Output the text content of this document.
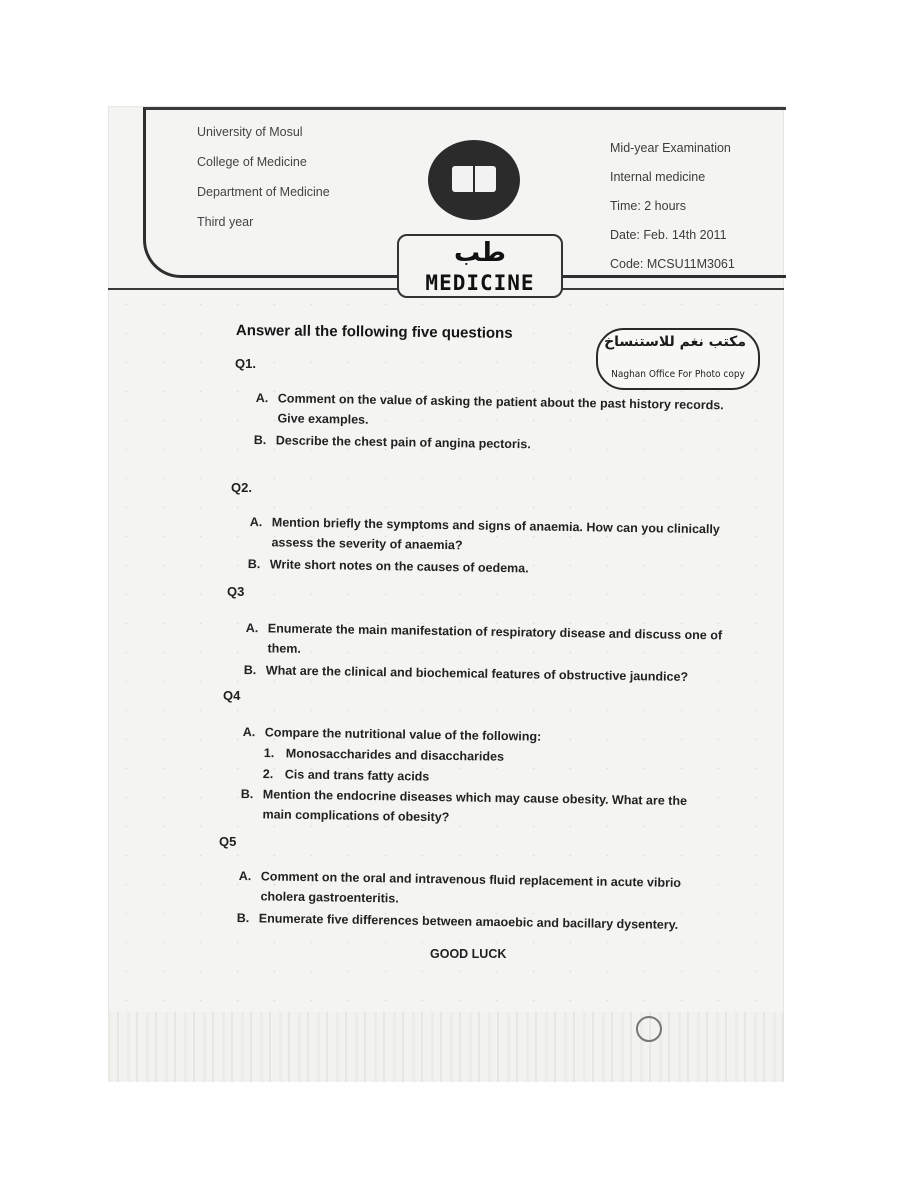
University of Mosul
College of Medicine
Department of Medicine
Third year
طب
MEDICINE
Mid-year Examination
Internal medicine
Time: 2 hours
Date: Feb. 14th 2011
Code: MCSU11M3061
Answer all the following five questions
مكتب نغم للاستنساخ
Naghan Office For Photo copy
Q1.
A. Comment on the value of asking the patient about the past history records.
Give examples.
B. Describe the chest pain of angina pectoris.
Q2.
A. Mention briefly the symptoms and signs of anaemia. How can you clinically
assess the severity of anaemia?
B. Write short notes on the causes of oedema.
Q3
A. Enumerate the main manifestation of respiratory disease and discuss one of
them.
B. What are the clinical and biochemical features of obstructive jaundice?
Q4
A. Compare the nutritional value of the following:
1. Monosaccharides and disaccharides
2. Cis and trans fatty acids
B. Mention the endocrine diseases which may cause obesity. What are the
main complications of obesity?
Q5
A. Comment on the oral and intravenous fluid replacement in acute vibrio
cholera gastroenteritis.
B. Enumerate five differences between amaoebic and bacillary dysentery.
GOOD LUCK
